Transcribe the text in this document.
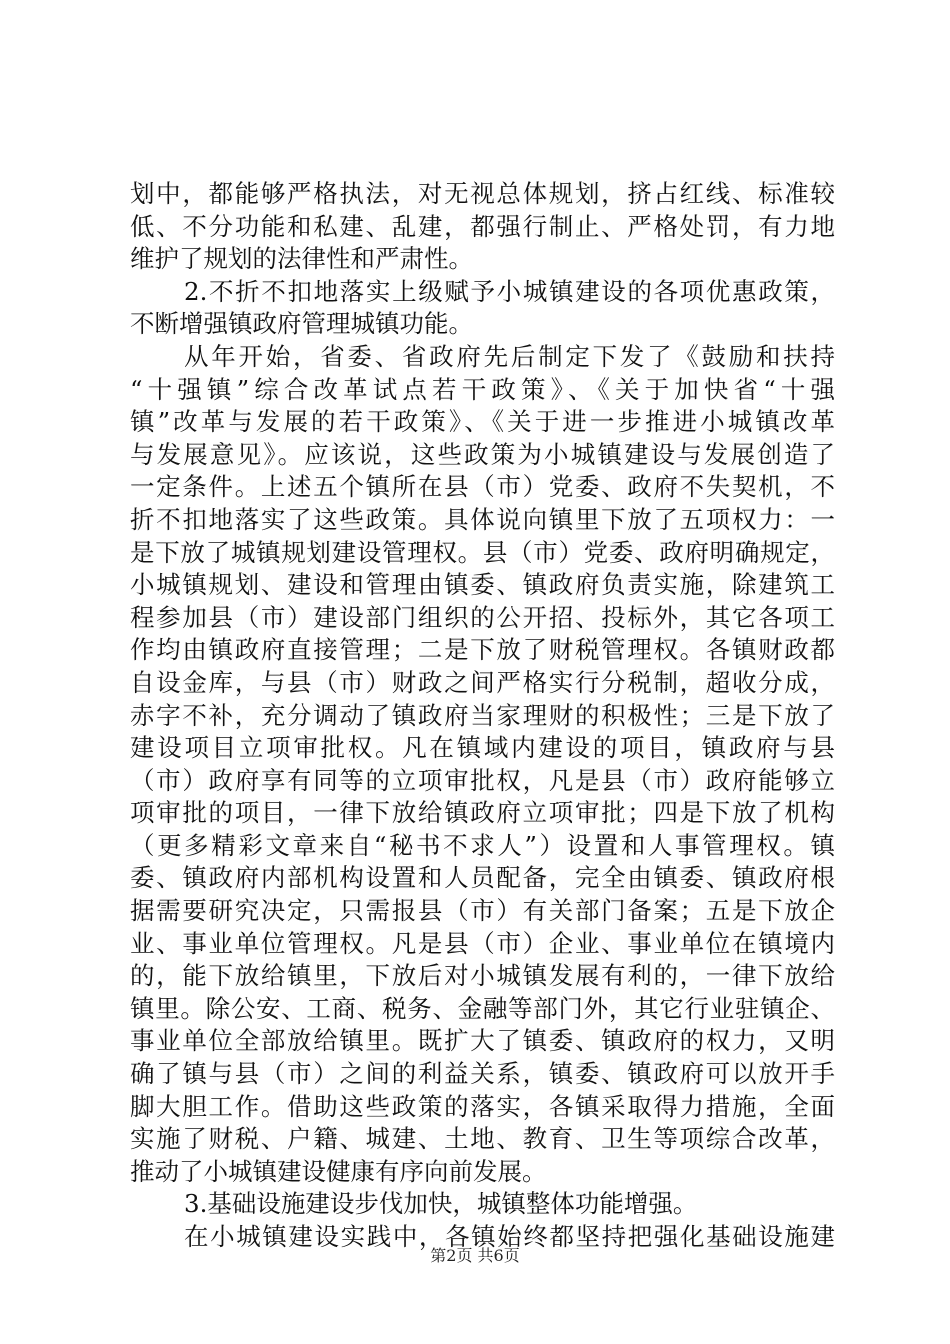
划中，都能够严格执法，对无视总体规划，挤占红线、标准较
低、不分功能和私建、乱建，都强行制止、严格处罚，有力地
维护了规划的法律性和严肃性。
2.不折不扣地落实上级赋予小城镇建设的各项优惠政策，
不断增强镇政府管理城镇功能。
从年开始，省委、省政府先后制定下发了《鼓励和扶持
“十强镇”综合改革试点若干政策》、《关于加快省“十强
镇”改革与发展的若干政策》、《关于进一步推进小城镇改革
与发展意见》。应该说，这些政策为小城镇建设与发展创造了
一定条件。上述五个镇所在县（市）党委、政府不失契机，不
折不扣地落实了这些政策。具体说向镇里下放了五项权力：一
是下放了城镇规划建设管理权。县（市）党委、政府明确规定，
小城镇规划、建设和管理由镇委、镇政府负责实施，除建筑工
程参加县（市）建设部门组织的公开招、投标外，其它各项工
作均由镇政府直接管理；二是下放了财税管理权。各镇财政都
自设金库，与县（市）财政之间严格实行分税制，超收分成，
赤字不补，充分调动了镇政府当家理财的积极性；三是下放了
建设项目立项审批权。凡在镇域内建设的项目，镇政府与县
（市）政府享有同等的立项审批权，凡是县（市）政府能够立
项审批的项目，一律下放给镇政府立项审批；四是下放了机构
（更多精彩文章来自“秘书不求人”）设置和人事管理权。镇
委、镇政府内部机构设置和人员配备，完全由镇委、镇政府根
据需要研究决定，只需报县（市）有关部门备案；五是下放企
业、事业单位管理权。凡是县（市）企业、事业单位在镇境内
的，能下放给镇里，下放后对小城镇发展有利的，一律下放给
镇里。除公安、工商、税务、金融等部门外，其它行业驻镇企、
事业单位全部放给镇里。既扩大了镇委、镇政府的权力，又明
确了镇与县（市）之间的利益关系，镇委、镇政府可以放开手
脚大胆工作。借助这些政策的落实，各镇采取得力措施，全面
实施了财税、户籍、城建、土地、教育、卫生等项综合改革，
推动了小城镇建设健康有序向前发展。
3.基础设施建设步伐加快，城镇整体功能增强。
在小城镇建设实践中，各镇始终都坚持把强化基础设施建
第2页 共6页
